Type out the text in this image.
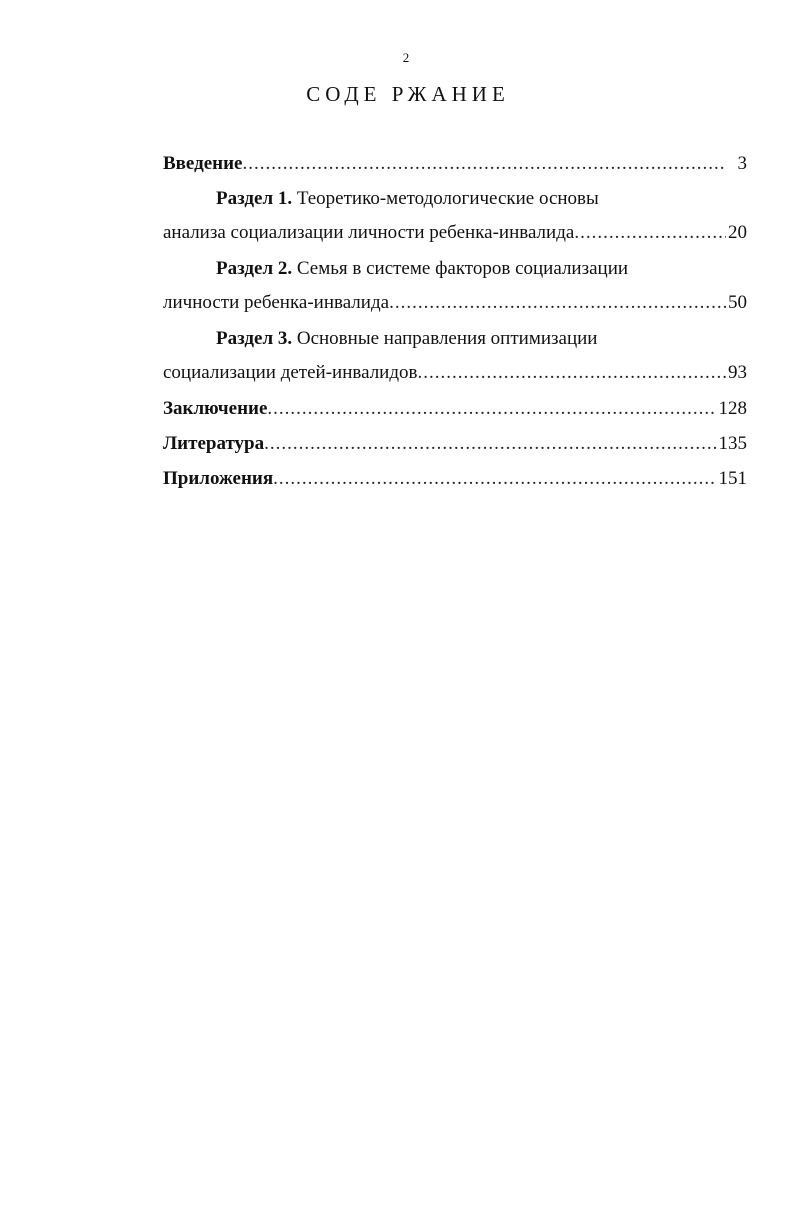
2
СОДЕ РЖАНИЕ
Введение .....	3
Раздел 1. Теоретико-методологические основы
анализа социализации личности ребенка-инвалида .....	20
Раздел 2. Семья в системе факторов социализации
личности ребенка-инвалида .....	50
Раздел 3. Основные направления оптимизации
социализации детей-инвалидов .....	93
Заключение .....	128
Литература .....	135
Приложения .....	151
